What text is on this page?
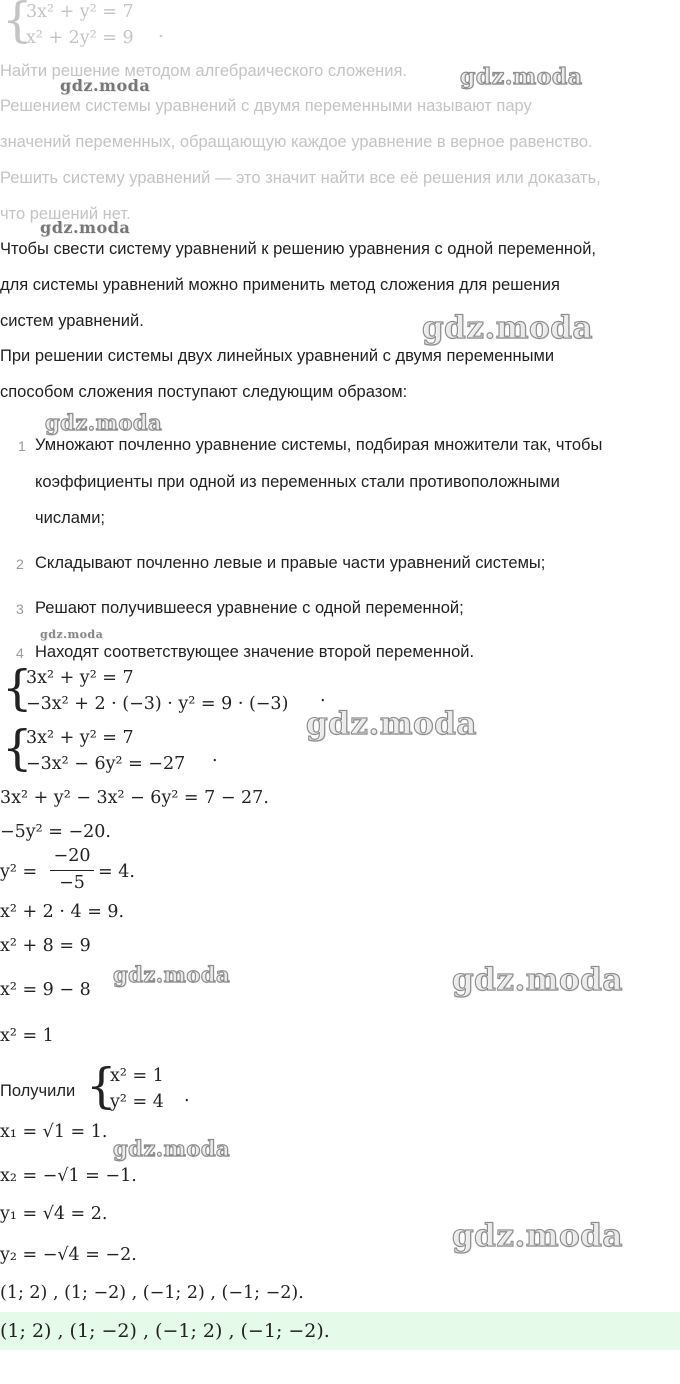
{
3x² + y² = 7
x² + 2y² = 9 .
Найти решение методом алгебраического сложения.
Решением системы уравнений с двумя переменными называют пару
значений переменных, обращающую каждое уравнение в верное равенство.
Решить систему уравнений — это значит найти все её решения или доказать,
что решений нет.
Чтобы свести систему уравнений к решению уравнения с одной переменной,
для системы уравнений можно применить метод сложения для решения
систем уравнений.
При решении системы двух линейных уравнений с двумя переменными
способом сложения поступают следующим образом:
1 Умножают почленно уравнение системы, подбирая множители так, чтобы
коэффициенты при одной из переменных стали противоположными
числами;
2 Складывают почленно левые и правые части уравнений системы;
3 Решают получившееся уравнение с одной переменной;
4 Находят соответствующее значение второй переменной.
{
3x² + y² = 7
−3x² + 2 · (−3) · y² = 9 · (−3) .
{
3x² + y² = 7
−3x² − 6y² = −27 .
3x² + y² − 3x² − 6y² = 7 − 27.
−5y² = −20.
y² =
−20
−5
= 4.
x² + 2 · 4 = 9.
x² + 8 = 9
x² = 9 − 8
x² = 1
Получили {
x² = 1
y² = 4 .
x₁ = √1 = 1.
x₂ = −√1 = −1.
y₁ = √4 = 2.
y₂ = −√4 = −2.
(1; 2) , (1; −2) , (−1; 2) , (−1; −2).
(1; 2) , (1; −2) , (−1; 2) , (−1; −2).
gdz.moda	gdz.moda
gdz.moda
gdz.moda
gdz.moda
gdz.moda
gdz.moda
gdz.moda	gdz.moda
gdz.moda
gdz.moda
